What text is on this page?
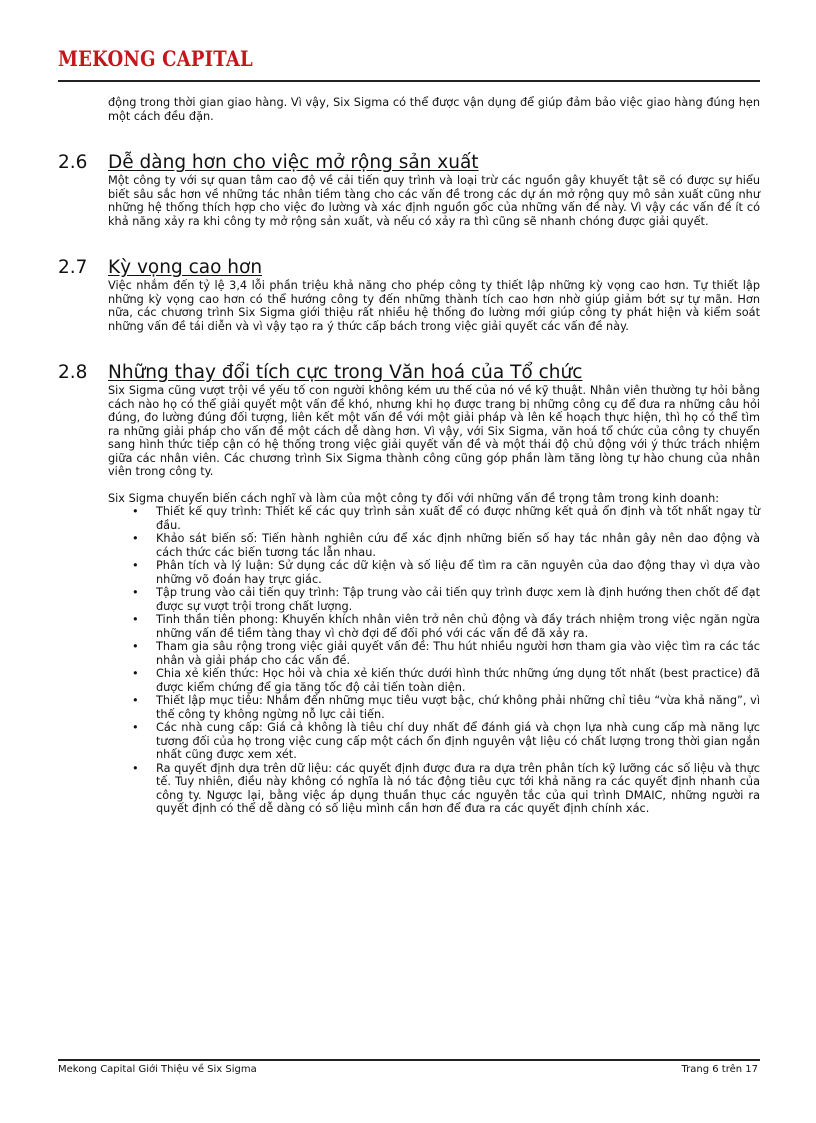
MEKONG CAPITAL

động trong thời gian giao hàng. Vì vậy, Six Sigma có thể được vận dụng để giúp đảm bảo việc giao hàng đúng hẹn một cách đều đặn.

2.6	Dễ dàng hơn cho việc mở rộng sản xuất

Một công ty với sự quan tâm cao độ về cải tiến quy trình và loại trừ các nguồn gây khuyết tật sẽ có được sự hiểu biết sâu sắc hơn về những tác nhân tiềm tàng cho các vấn đề trong các dự án mở rộng quy mô sản xuất cũng như những hệ thống thích hợp cho việc đo lường và xác định nguồn gốc của những vấn đề này. Vì vậy các vấn đề ít có khả năng xảy ra khi công ty mở rộng sản xuất, và nếu có xảy ra thì cũng sẽ nhanh chóng được giải quyết.

2.7	Kỳ vọng cao hơn

Việc nhắm đến tỷ lệ 3,4 lỗi phần triệu khả năng cho phép công ty thiết lập những kỳ vọng cao hơn. Tự thiết lập những kỳ vọng cao hơn có thể hướng công ty đến những thành tích cao hơn nhờ giúp giảm bớt sự tự mãn. Hơn nữa, các chương trình Six Sigma giới thiệu rất nhiều hệ thống đo lường mới giúp công ty phát hiện và kiểm soát những vấn đề tái diễn và vì vậy tạo ra ý thức cấp bách trong việc giải quyết các vấn đề này.

2.8	Những thay đổi tích cực trong Văn hoá của Tổ chức

Six Sigma cũng vượt trội về yếu tố con người không kém ưu thế của nó về kỹ thuật. Nhân viên thường tự hỏi bằng cách nào họ có thể giải quyết một vấn đề khó, nhưng khi họ được trang bị những công cụ để đưa ra những câu hỏi đúng, đo lường đúng đối tượng, liên kết một vấn đề với một giải pháp và lên kế hoạch thực hiện, thì họ có thể tìm ra những giải pháp cho vấn đề một cách dễ dàng hơn. Vì vậy, với Six Sigma, văn hoá tổ chức của công ty chuyển sang hình thức tiếp cận có hệ thống trong việc giải quyết vấn đề và một thái độ chủ động với ý thức trách nhiệm giữa các nhân viên. Các chương trình Six Sigma thành công cũng góp phần làm tăng lòng tự hào chung của nhân viên trong công ty.

Six Sigma chuyển biến cách nghĩ và làm của một công ty đối với những vấn đề trọng tâm trong kinh doanh:

• Thiết kế quy trình: Thiết kế các quy trình sản xuất để có được những kết quả ổn định và tốt nhất ngay từ đầu.
• Khảo sát biến số: Tiến hành nghiên cứu để xác định những biến số hay tác nhân gây nên dao động và cách thức các biến tương tác lẫn nhau.
• Phân tích và lý luận: Sử dụng các dữ kiện và số liệu để tìm ra căn nguyên của dao động thay vì dựa vào những võ đoán hay trực giác.
• Tập trung vào cải tiến quy trình: Tập trung vào cải tiến quy trình được xem là định hướng then chốt để đạt được sự vượt trội trong chất lượng.
• Tinh thần tiên phong: Khuyến khích nhân viên trở nên chủ động và đầy trách nhiệm trong việc ngăn ngừa những vấn đề tiềm tàng thay vì chờ đợi để đối phó với các vấn đề đã xảy ra.
• Tham gia sâu rộng trong việc giải quyết vấn đề: Thu hút nhiều người hơn tham gia vào việc tìm ra các tác nhân và giải pháp cho các vấn đề.
• Chia xẻ kiến thức: Học hỏi và chia xẻ kiến thức dưới hình thức những ứng dụng tốt nhất (best practice) đã được kiểm chứng để gia tăng tốc độ cải tiến toàn diện.
• Thiết lập mục tiêu: Nhắm đến những mục tiêu vượt bậc, chứ không phải những chỉ tiêu “vừa khả năng”, vì thế công ty không ngừng nỗ lực cải tiến.
• Các nhà cung cấp: Giá cả không là tiêu chí duy nhất để đánh giá và chọn lựa nhà cung cấp mà năng lực tương đối của họ trong việc cung cấp một cách ổn định nguyên vật liệu có chất lượng trong thời gian ngắn nhất cũng được xem xét.
• Ra quyết định dựa trên dữ liệu: các quyết định được đưa ra dựa trên phân tích kỹ lưỡng các số liệu và thực tế. Tuy nhiên, điều này không có nghĩa là nó tác động tiêu cực tới khả năng ra các quyết định nhanh của công ty. Ngược lại, bằng việc áp dụng thuần thục các nguyên tắc của qui trình DMAIC, những người ra quyết định có thể dễ dàng có số liệu mình cần hơn để đưa ra các quyết định chính xác.
Mekong Capital Giới Thiệu về Six Sigma	Trang 6 trên 17
